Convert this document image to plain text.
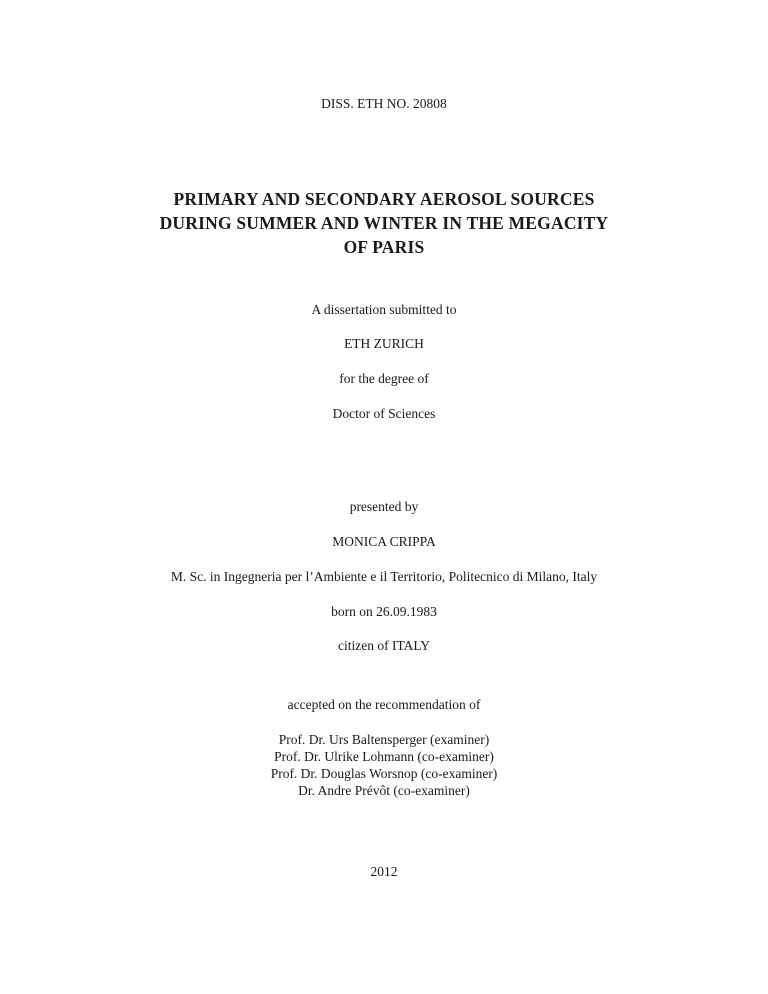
DISS. ETH NO. 20808
PRIMARY AND SECONDARY AEROSOL SOURCES
DURING SUMMER AND WINTER IN THE MEGACITY
OF PARIS
A dissertation submitted to
ETH ZURICH
for the degree of
Doctor of Sciences
presented by
MONICA CRIPPA
M. Sc. in Ingegneria per l’Ambiente e il Territorio, Politecnico di Milano, Italy
born on 26.09.1983
citizen of ITALY
accepted on the recommendation of
Prof. Dr. Urs Baltensperger (examiner)
Prof. Dr. Ulrike Lohmann (co-examiner)
Prof. Dr. Douglas Worsnop (co-examiner)
Dr. Andre Prévôt (co-examiner)
2012
